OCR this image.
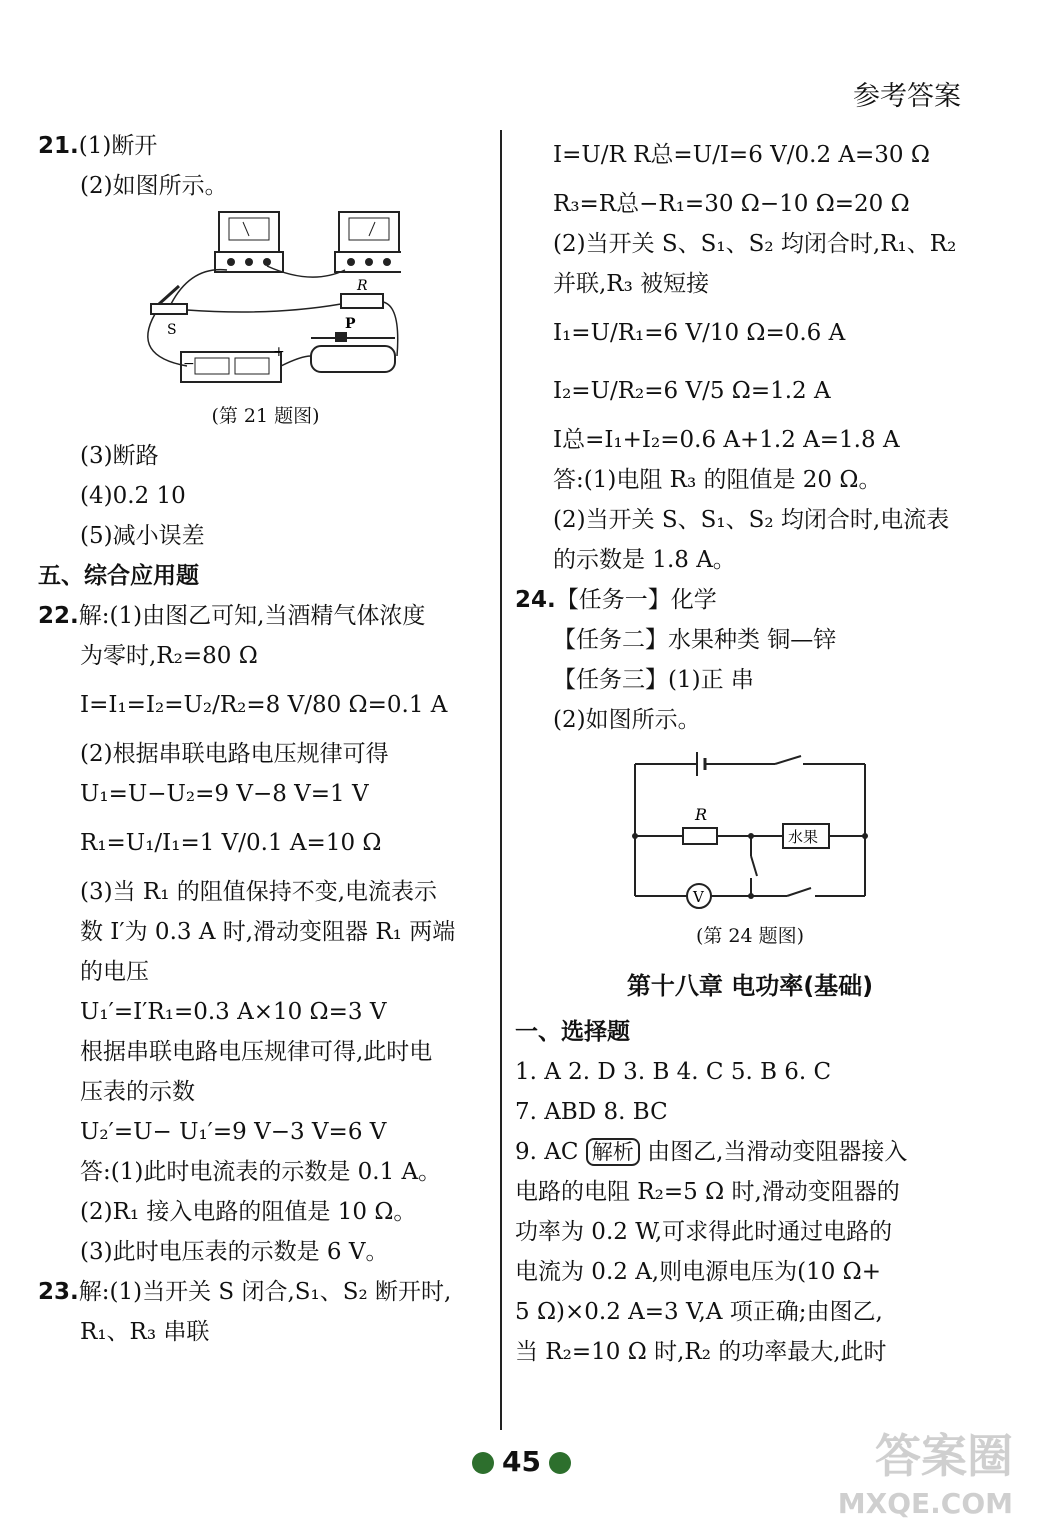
参考答案
21.(1)断开
(2)如图所示。
R
S
−
+
P
(第 21 题图)
(3)断路
(4)0.2 10
(5)减小误差
五、综合应用题
22.解:(1)由图乙可知,当酒精气体浓度
为零时,R₂=80 Ω
I=I₁=I₂=U₂/R₂=8 V/80 Ω=0.1 A
(2)根据串联电路电压规律可得
U₁=U−U₂=9 V−8 V=1 V
R₁=U₁/I₁=1 V/0.1 A=10 Ω
(3)当 R₁ 的阻值保持不变,电流表示
数 I′为 0.3 A 时,滑动变阻器 R₁ 两端
的电压
U₁′=I′R₁=0.3 A×10 Ω=3 V
根据串联电路电压规律可得,此时电
压表的示数
U₂′=U− U₁′=9 V−3 V=6 V
答:(1)此时电流表的示数是 0.1 A。
(2)R₁ 接入电路的阻值是 10 Ω。
(3)此时电压表的示数是 6 V。
23.解:(1)当开关 S 闭合,S₁、S₂ 断开时,
R₁、R₃ 串联
I=U/R R总=U/I=6 V/0.2 A=30 Ω
R₃=R总−R₁=30 Ω−10 Ω=20 Ω
(2)当开关 S、S₁、S₂ 均闭合时,R₁、R₂
并联,R₃ 被短接
I₁=U/R₁=6 V/10 Ω=0.6 A
I₂=U/R₂=6 V/5 Ω=1.2 A
I总=I₁+I₂=0.6 A+1.2 A=1.8 A
答:(1)电阻 R₃ 的阻值是 20 Ω。
(2)当开关 S、S₁、S₂ 均闭合时,电流表
的示数是 1.8 A。
24.【任务一】化学
【任务二】水果种类 铜—锌
【任务三】(1)正 串
(2)如图所示。
R
水果
V
(第 24 题图)
第十八章 电功率(基础)
一、选择题
1. A 2. D 3. B 4. C 5. B 6. C
7. ABD 8. BC
9. AC 解析 由图乙,当滑动变阻器接入
电路的电阻 R₂=5 Ω 时,滑动变阻器的
功率为 0.2 W,可求得此时通过电路的
电流为 0.2 A,则电源电压为(10 Ω+
5 Ω)×0.2 A=3 V,A 项正确;由图乙,
当 R₂=10 Ω 时,R₂ 的功率最大,此时
45	答案圈
MXQE.COM
